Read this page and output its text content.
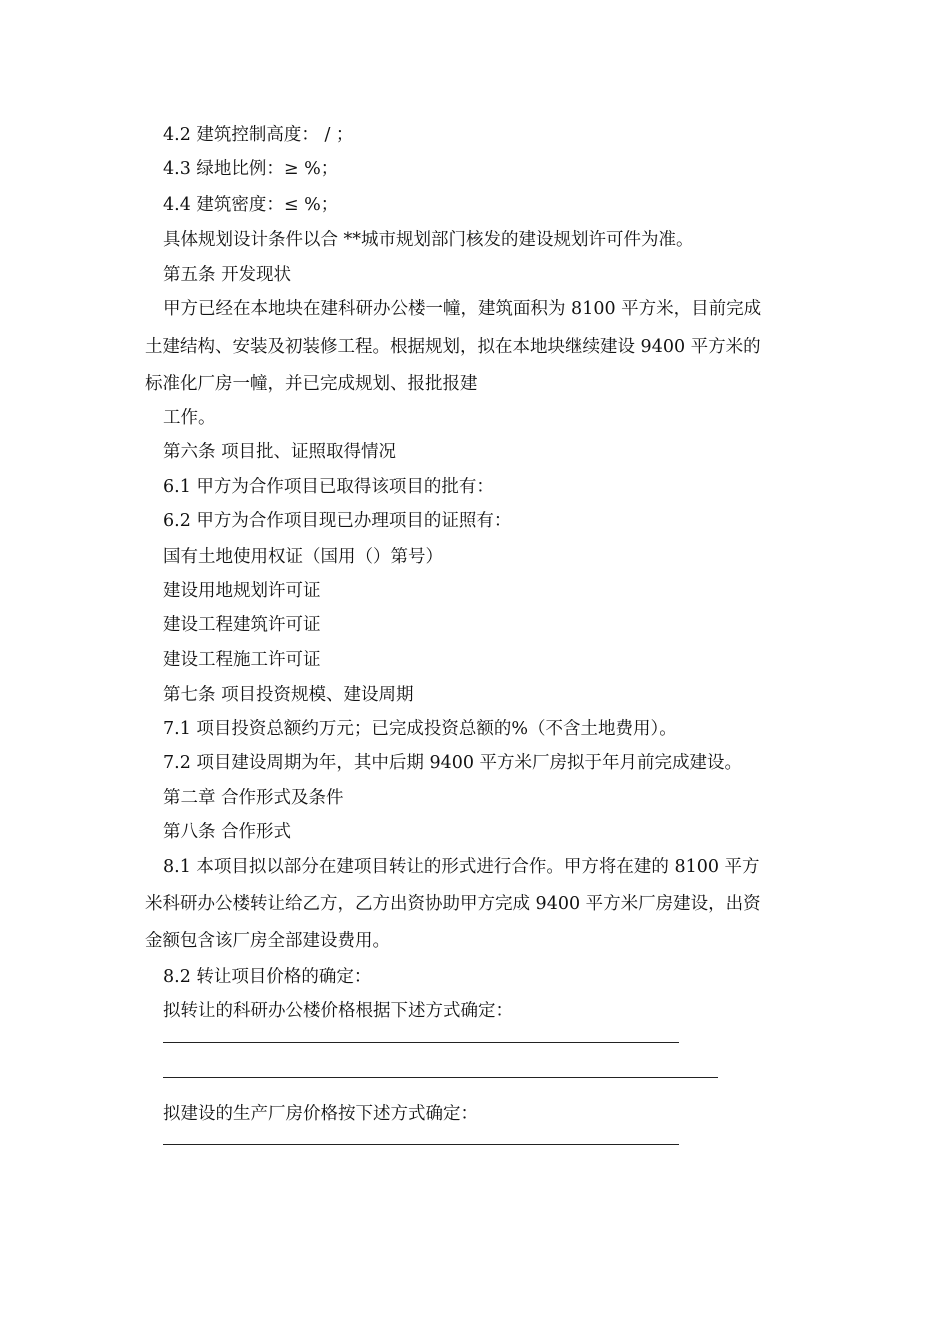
4.2 建筑控制高度： / ；
4.3 绿地比例：≥ %；
4.4 建筑密度：≤ %；
具体规划设计条件以合 **城市规划部门核发的建设规划许可件为准。
第五条 开发现状
甲方已经在本地块在建科研办公楼一幢，建筑面积为 8100 平方米，目前完成
土建结构、安装及初装修工程。根据规划，拟在本地块继续建设 9400 平方米的
标准化厂房一幢，并已完成规划、报批报建
工作。
第六条 项目批、证照取得情况
6.1 甲方为合作项目已取得该项目的批有：
6.2 甲方为合作项目现已办理项目的证照有：
国有土地使用权证（国用（）第号）
建设用地规划许可证
建设工程建筑许可证
建设工程施工许可证
第七条 项目投资规模、建设周期
7.1 项目投资总额约万元；已完成投资总额的%（不含土地费用）。
7.2 项目建设周期为年，其中后期 9400 平方米厂房拟于年月前完成建设。
第二章 合作形式及条件
第八条 合作形式
8.1 本项目拟以部分在建项目转让的形式进行合作。甲方将在建的 8100 平方
米科研办公楼转让给乙方，乙方出资协助甲方完成 9400 平方米厂房建设，出资
金额包含该厂房全部建设费用。
8.2 转让项目价格的确定：
拟转让的科研办公楼价格根据下述方式确定：
拟建设的生产厂房价格按下述方式确定：
